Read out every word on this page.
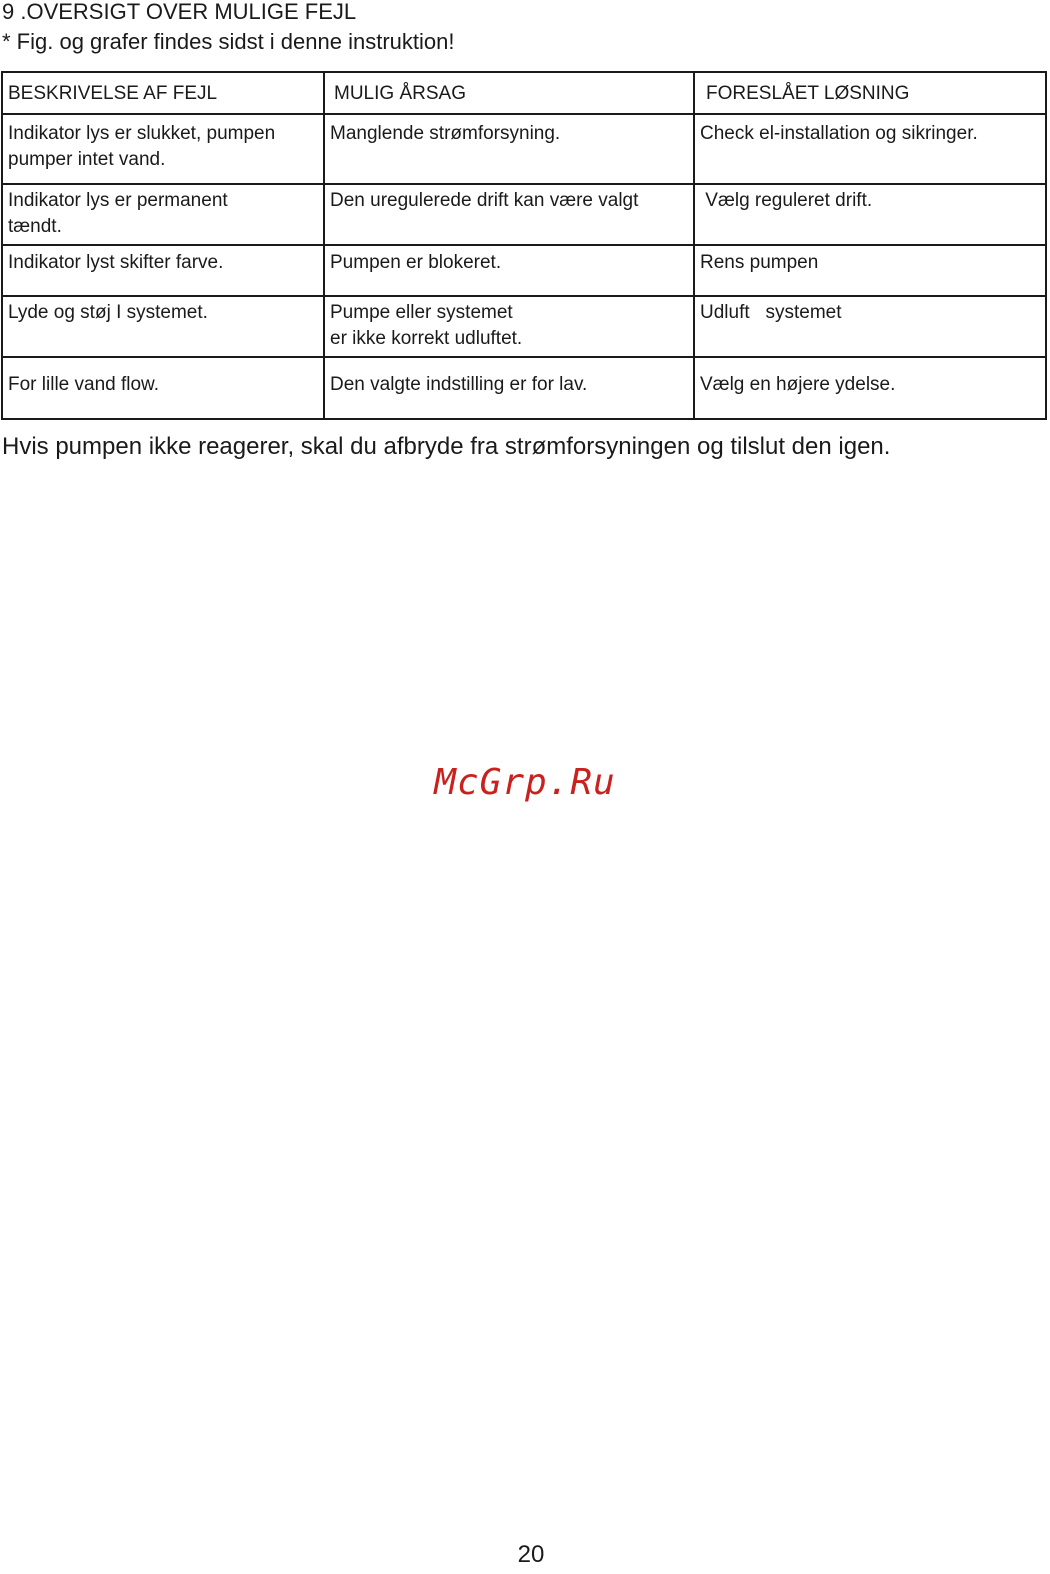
9 .OVERSIGT OVER MULIGE FEJL
* Fig. og grafer findes sidst i denne instruktion!
BESKRIVELSE AF FEJL	MULIG ÅRSAG	FORESLÅET LØSNING
Indikator lys er slukket, pumpen
pumper intet vand.	Manglende strømforsyning.	Check el-installation og sikringer.
Indikator lys er permanent
tændt.	Den uregulerede drift kan være valgt	Vælg reguleret drift.
Indikator lyst skifter farve.	Pumpen er blokeret.	Rens pumpen
Lyde og støj I systemet.	Pumpe eller systemet
er ikke korrekt udluftet.	Udluft   systemet
For lille vand flow.	Den valgte indstilling er for lav.	Vælg en højere ydelse.
Hvis pumpen ikke reagerer, skal du afbryde fra strømforsyningen og tilslut den igen.
McGrp.Ru
20
